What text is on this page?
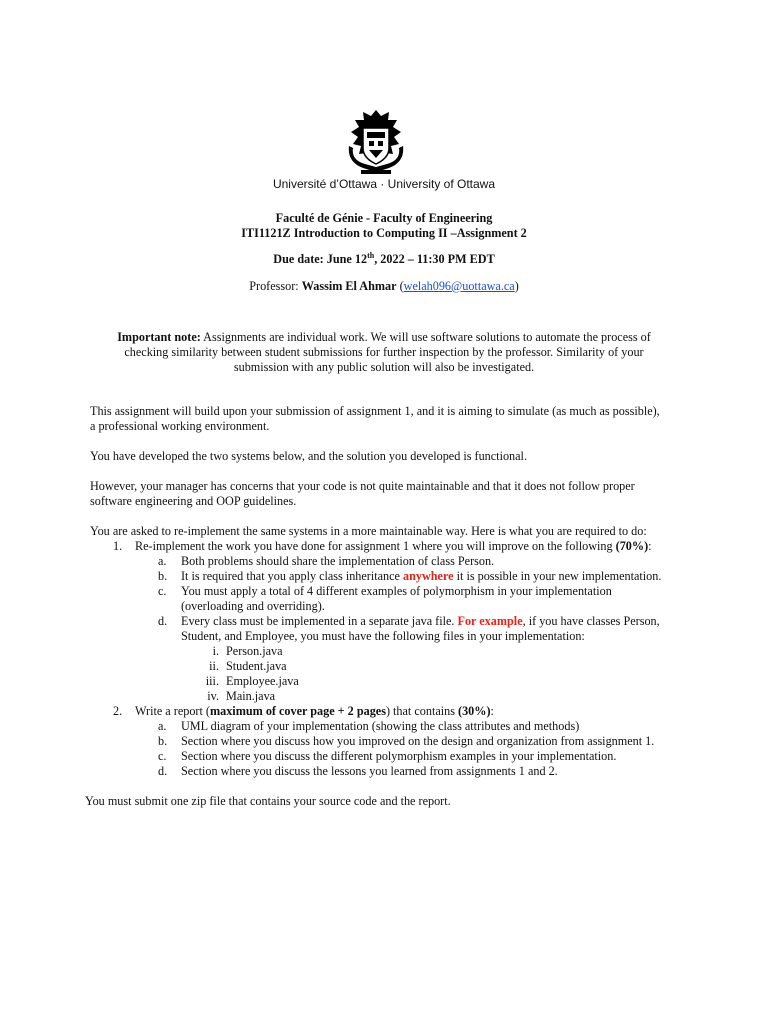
Université d’Ottawa · University of Ottawa
Faculté de Génie - Faculty of Engineering
ITI1121Z Introduction to Computing II –Assignment 2
Due date: June 12th, 2022 – 11:30 PM EDT
Professor: Wassim El Ahmar (welah096@uottawa.ca)
Important note: Assignments are individual work. We will use software solutions to automate the process of
checking similarity between student submissions for further inspection by the professor. Similarity of your
submission with any public solution will also be investigated.
This assignment will build upon your submission of assignment 1, and it is aiming to simulate (as much as possible),
a professional working environment.
You have developed the two systems below, and the solution you developed is functional.
However, your manager has concerns that your code is not quite maintainable and that it does not follow proper
software engineering and OOP guidelines.
You are asked to re-implement the same systems in a more maintainable way. Here is what you are required to do:
1. Re-implement the work you have done for assignment 1 where you will improve on the following (70%):
a. Both problems should share the implementation of class Person.
b. It is required that you apply class inheritance anywhere it is possible in your new implementation.
c. You must apply a total of 4 different examples of polymorphism in your implementation
(overloading and overriding).
d. Every class must be implemented in a separate java file. For example, if you have classes Person,
Student, and Employee, you must have the following files in your implementation:
i. Person.java
ii. Student.java
iii. Employee.java
iv. Main.java
2. Write a report (maximum of cover page + 2 pages) that contains (30%):
a. UML diagram of your implementation (showing the class attributes and methods)
b. Section where you discuss how you improved on the design and organization from assignment 1.
c. Section where you discuss the different polymorphism examples in your implementation.
d. Section where you discuss the lessons you learned from assignments 1 and 2.
You must submit one zip file that contains your source code and the report.
